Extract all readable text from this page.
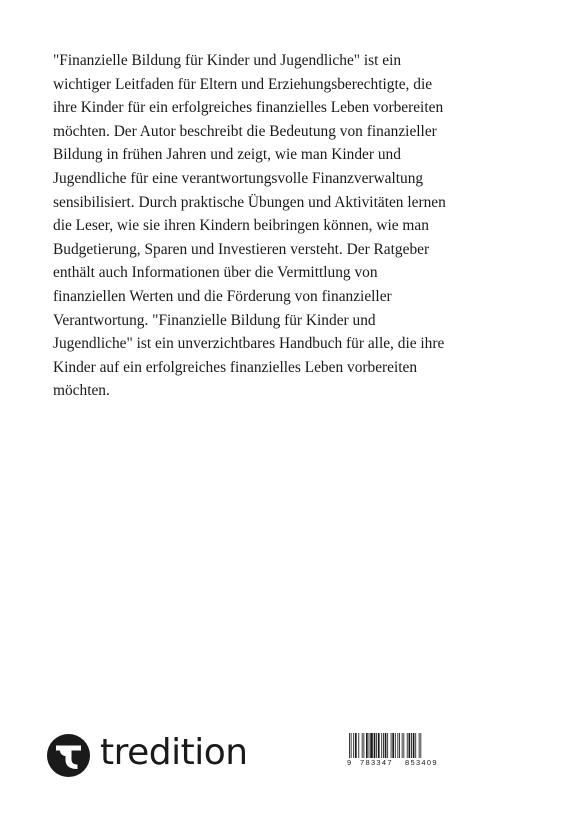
"Finanzielle Bildung für Kinder und Jugendliche" ist ein
wichtiger Leitfaden für Eltern und Erziehungsberechtigte, die
ihre Kinder für ein erfolgreiches finanzielles Leben vorbereiten
möchten. Der Autor beschreibt die Bedeutung von finanzieller
Bildung in frühen Jahren und zeigt, wie man Kinder und
Jugendliche für eine verantwortungsvolle Finanzverwaltung
sensibilisiert. Durch praktische Übungen und Aktivitäten lernen
die Leser, wie sie ihren Kindern beibringen können, wie man
Budgetierung, Sparen und Investieren versteht. Der Ratgeber
enthält auch Informationen über die Vermittlung von
finanziellen Werten und die Förderung von finanzieller
Verantwortung. "Finanzielle Bildung für Kinder und
Jugendliche" ist ein unverzichtbares Handbuch für alle, die ihre
Kinder auf ein erfolgreiches finanzielles Leben vorbereiten
möchten.
tredition	9 783347 853409
